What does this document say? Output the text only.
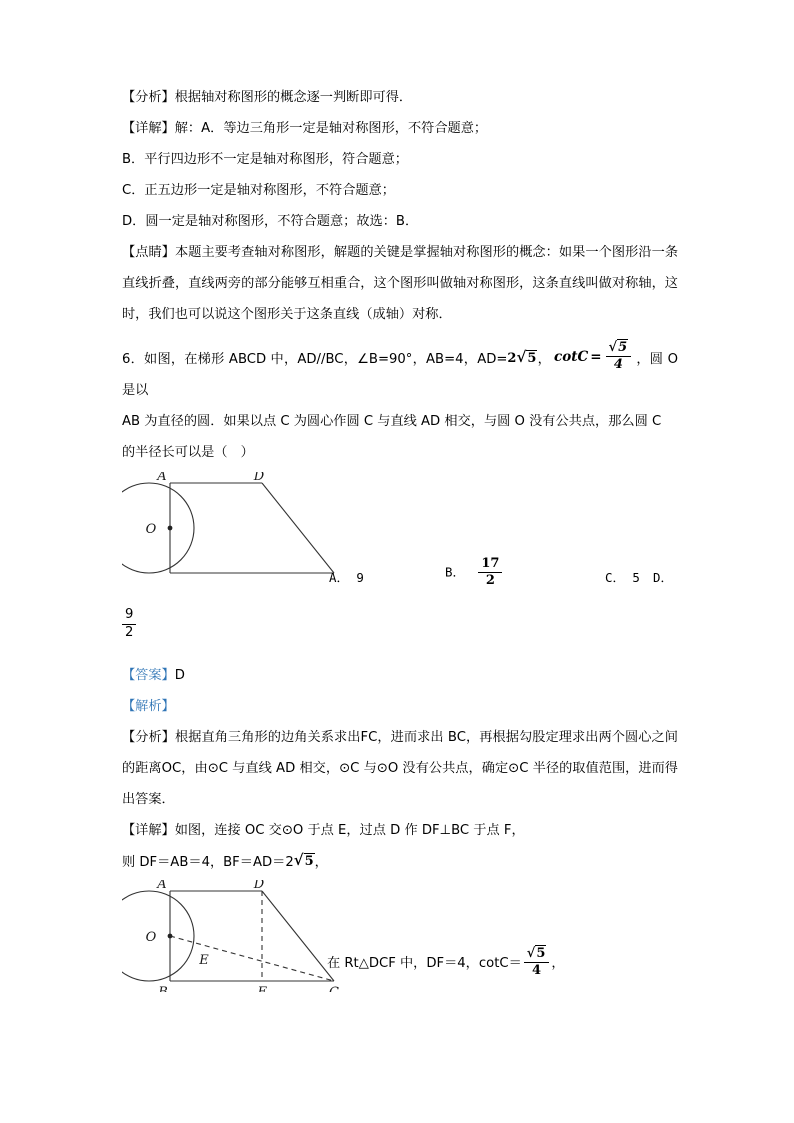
【分析】根据轴对称图形的概念逐一判断即可得．
【详解】解：A．等边三角形一定是轴对称图形，不符合题意；
B．平行四边形不一定是轴对称图形，符合题意；
C．正五边形一定是轴对称图形，不符合题意；
D．圆一定是轴对称图形，不符合题意；故选：B．
【点睛】本题主要考查轴对称图形，解题的关键是掌握轴对称图形的概念：如果一个图形沿一条直线折叠，直线两旁的部分能够互相重合，这个图形叫做轴对称图形，这条直线叫做对称轴，这时，我们也可以说这个图形关于这条直线（成轴）对称．
6．如图，在梯形 ABCD 中，AD//BC，∠B=90°，AB=4，AD=2√5， $\cot C = \frac{√5}{4}$ ，圆 O 是以
AB 为直径的圆．如果以点 C 为圆心作圆 C 与直线 AD 相交，与圆 O 没有公共点，那么圆 C
的半径长可以是（　）
A	D
O
A． 9	B． $\frac{17}{2}$	C． 5 D．
$\frac{9}{2}$
【答案】D
【解析】
【分析】根据直角三角形的边角关系求出FC，进而求出 BC，再根据勾股定理求出两个圆心之间的距离OC，由⊙C 与直线 AD 相交，⊙C 与⊙O 没有公共点，确定⊙C 半径的取值范围，进而得出答案．
【详解】如图，连接 OC 交⊙O 于点 E，过点 D 作 DF⊥BC 于点 F，
则 DF＝AB＝4，BF＝AD＝2√5，
A	D
O
E	在 Rt△DCF 中，DF＝4，$\cot C= \frac{√5}{4}$ ，
